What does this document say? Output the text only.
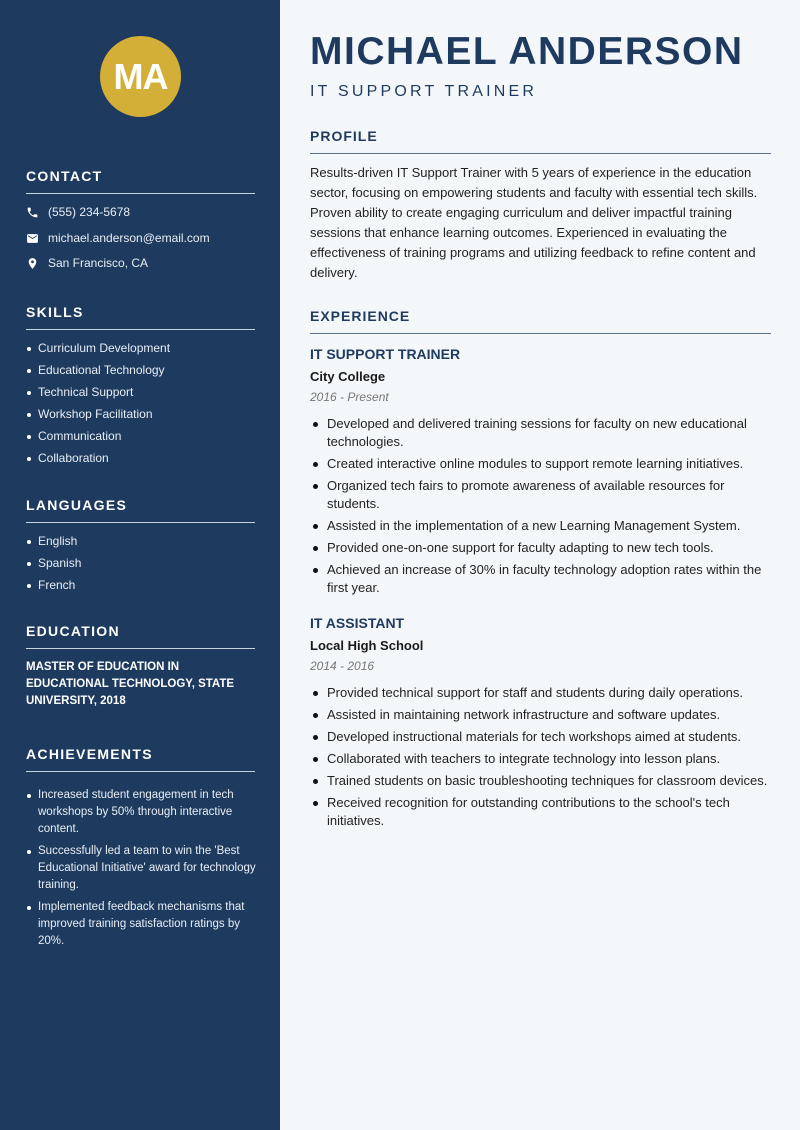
MA
CONTACT
(555) 234-5678
michael.anderson@email.com
San Francisco, CA
SKILLS
Curriculum Development
Educational Technology
Technical Support
Workshop Facilitation
Communication
Collaboration
LANGUAGES
English
Spanish
French
EDUCATION
MASTER OF EDUCATION IN EDUCATIONAL TECHNOLOGY, STATE UNIVERSITY, 2018
ACHIEVEMENTS
Increased student engagement in tech workshops by 50% through interactive content.
Successfully led a team to win the 'Best Educational Initiative' award for technology training.
Implemented feedback mechanisms that improved training satisfaction ratings by 20%.
MICHAEL ANDERSON
IT SUPPORT TRAINER
PROFILE
Results-driven IT Support Trainer with 5 years of experience in the education sector, focusing on empowering students and faculty with essential tech skills. Proven ability to create engaging curriculum and deliver impactful training sessions that enhance learning outcomes. Experienced in evaluating the effectiveness of training programs and utilizing feedback to refine content and delivery.
EXPERIENCE
IT SUPPORT TRAINER
City College
2016 - Present
Developed and delivered training sessions for faculty on new educational technologies.
Created interactive online modules to support remote learning initiatives.
Organized tech fairs to promote awareness of available resources for students.
Assisted in the implementation of a new Learning Management System.
Provided one-on-one support for faculty adapting to new tech tools.
Achieved an increase of 30% in faculty technology adoption rates within the first year.
IT ASSISTANT
Local High School
2014 - 2016
Provided technical support for staff and students during daily operations.
Assisted in maintaining network infrastructure and software updates.
Developed instructional materials for tech workshops aimed at students.
Collaborated with teachers to integrate technology into lesson plans.
Trained students on basic troubleshooting techniques for classroom devices.
Received recognition for outstanding contributions to the school's tech initiatives.
